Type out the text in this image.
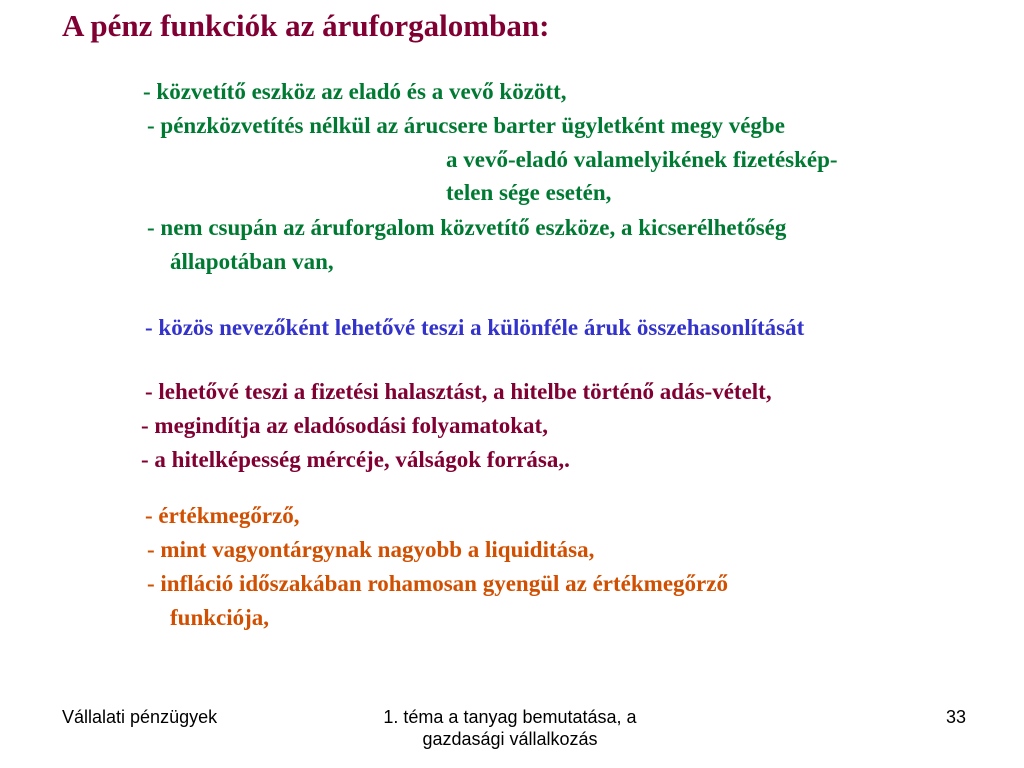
A pénz funkciók az áruforgalomban:
- közvetítő eszköz az eladó és a vevő között,
- pénzközvetítés nélkül az árucsere barter ügyletként megy végbe
a vevő-eladó valamelyikének fizetéskép-
telen sége esetén,
- nem csupán az áruforgalom közvetítő eszköze, a kicserélhetőség
állapotában van,
- közös nevezőként lehetővé teszi a különféle áruk összehasonlítását
- lehetővé teszi a fizetési halasztást, a hitelbe történő adás-vételt,
- megindítja az eladósodási folyamatokat,
- a hitelképesség mércéje, válságok forrása,.
- értékmegőrző,
- mint vagyontárgynak nagyobb a liquiditása,
- infláció időszakában rohamosan gyengül az értékmegőrző
funkciója,
Vállalati pénzügyek	1. téma a tanyag bemutatása, a gazdasági vállalkozás
33
